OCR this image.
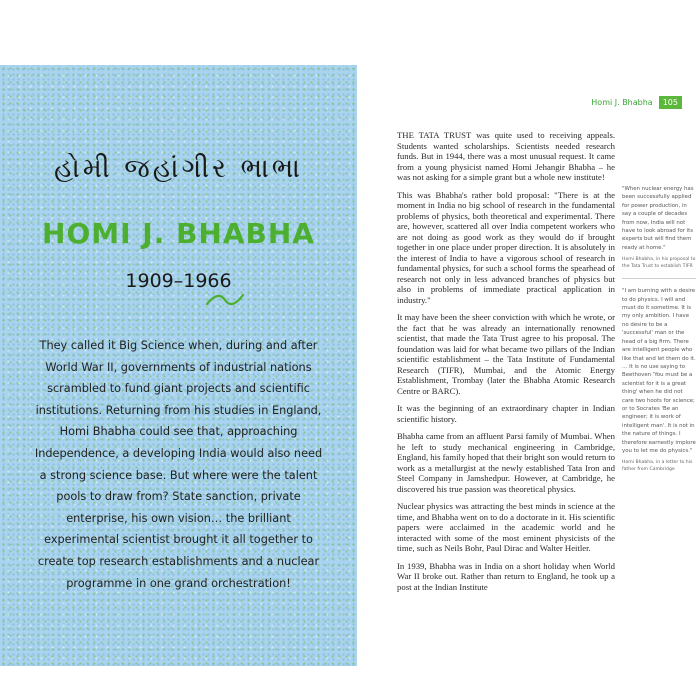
હોમી જહાંગીર ભાભા
HOMI J. BHABHA
1909–1966

They called it Big Science when, during and after World War II, governments of industrial nations scrambled to fund giant projects and scientific institutions. Returning from his studies in England, Homi Bhabha could see that, approaching Independence, a developing India would also need a strong science base. But where were the talent pools to draw from? State sanction, private enterprise, his own vision… the brilliant experimental scientist brought it all together to create top research establishments and a nuclear programme in one grand orchestration!

Homi J. Bhabha	105

THE TATA TRUST was quite used to receiving appeals. Students wanted scholarships. Scientists needed research funds. But in 1944, there was a most unusual request. It came from a young physicist named Homi Jehangir Bhabha – he was not asking for a simple grant but a whole new institute!

This was Bhabha's rather bold proposal: "There is at the moment in India no big school of research in the fundamental problems of physics, both theoretical and experimental. There are, however, scattered all over India competent workers who are not doing as good work as they would do if brought together in one place under proper direction. It is absolutely in the interest of India to have a vigorous school of research in fundamental physics, for such a school forms the spearhead of research not only in less advanced branches of physics but also in problems of immediate practical application in industry."

It may have been the sheer conviction with which he wrote, or the fact that he was already an internationally renowned scientist, that made the Tata Trust agree to his proposal. The foundation was laid for what became two pillars of the Indian scientific establishment – the Tata Institute of Fundamental Research (TIFR), Mumbai, and the Atomic Energy Establishment, Trombay (later the Bhabha Atomic Research Centre or BARC).

It was the beginning of an extraordinary chapter in Indian scientific history.

Bhabha came from an affluent Parsi family of Mumbai. When he left to study mechanical engineering in Cambridge, England, his family hoped that their bright son would return to work as a metallurgist at the newly established Tata Iron and Steel Company in Jamshedpur. However, at Cambridge, he discovered his true passion was theoretical physics.

Nuclear physics was attracting the best minds in science at the time, and Bhabha went on to do a doctorate in it. His scientific papers were acclaimed in the academic world and he interacted with some of the most eminent physicists of the time, such as Neils Bohr, Paul Dirac and Walter Heitler.

In 1939, Bhabha was in India on a short holiday when World War II broke out. Rather than return to England, he took up a post at the Indian Institute

"When nuclear energy has been successfully applied for power production, in say a couple of decades from now, India will not have to look abroad for its experts but will find them ready at home."

Homi Bhabha, in his proposal to the Tata Trust to establish TIFR

"I am burning with a desire to do physics. I will and must do it sometime. It is my only ambition. I have no desire to be a 'successful' man or the head of a big firm. There are intelligent people who like that and let them do it. … It is no use saying to Beethoven 'You must be a scientist for it is a great thing' when he did not care two hoots for science; or to Socrates 'Be an engineer; it is work of intelligent man'. It is not in the nature of things. I therefore earnestly implore you to let me do physics."

Homi Bhabha, in a letter to his father from Cambridge
